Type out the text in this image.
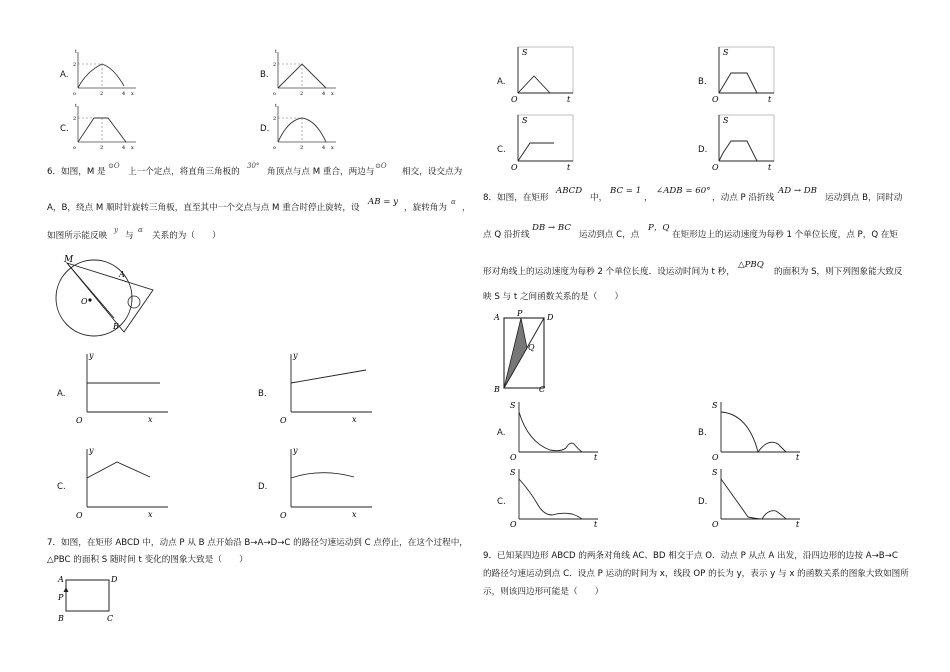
A.
t
2
2	4 x
o
B.
t
2
2	4 x
o
C.
t
2
2	4 x
o
D.
t
2
2	4 x
o
6．如图，M 是
⊙O
上一个定点，将直角三角板的
30°
角顶点与点 M 重合，两边与
⊙O
相交，设交点为
A，B，绕点 M 顺时针旋转三角板，直至其中一个交点与点 M 重合时停止旋转，设
AB = y
，旋转角为
α
，
如图所示能反映
y
与
α
关系的为（　　）
M
A
O
B
A.
y
x
O
B.
y
x
O
C.
y
x
O
D.
y
x
O
7．如图，在矩形 ABCD 中，动点 P 从 B 点开始沿 B→A→D→C 的路径匀速运动到 C 点停止，在这个过程中，
△PBC 的面积 S 随时间 t 变化的图象大致是（　　）
A	D
P
B	C
A.
S
t
O
B.
S
t
O
C.
S
t
O
D.
S
t
O
8．如图，在矩形
ABCD
中，
BC = 1
，
∠ADB = 60°
，动点 P 沿折线
AD → DB
运动到点 B，同时动
点 Q 沿折线
DB → BC
运动到点 C，点
P，Q
在矩形边上的运动速度为每秒 1 个单位长度，点 P，Q 在矩
形对角线上的运动速度为每秒 2 个单位长度．设运动时间为 t 秒，
△PBQ
的面积为 S，则下列图象能大致反
映 S 与 t 之间函数关系的是（　　）
A P	D
Q
B	C
A.
S
t
O
B.
S
t
O
C.
S
t
O
D.
S
t
O
9．已知某四边形 ABCD 的两条对角线 AC、BD 相交于点 O．动点 P 从点 A 出发，沿四边形的边按 A→B→C
的路径匀速运动到点 C．设点 P 运动的时间为 x，线段 OP 的长为 y，表示 y 与 x 的函数关系的图象大致如图所
示，则该四边形可能是（　　）
